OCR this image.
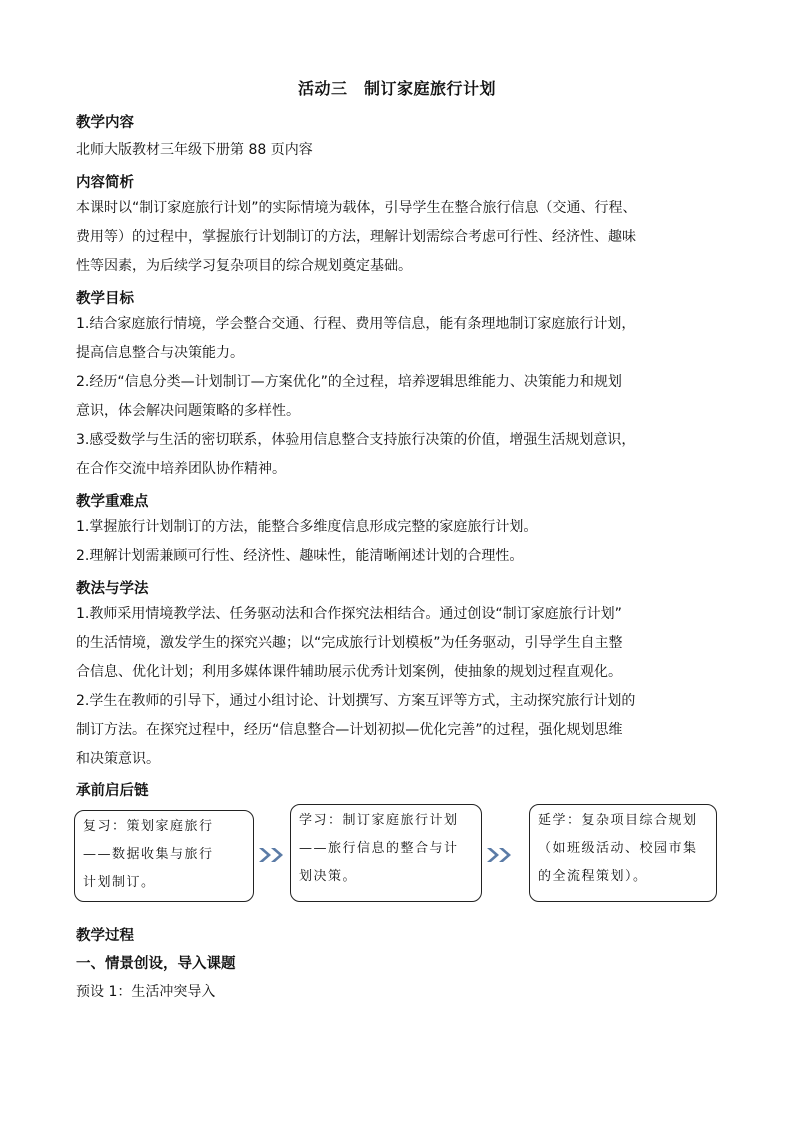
活动三　制订家庭旅行计划
教学内容
北师大版教材三年级下册第 88 页内容
内容简析
本课时以“制订家庭旅行计划”的实际情境为载体，引导学生在整合旅行信息（交通、行程、
费用等）的过程中，掌握旅行计划制订的方法，理解计划需综合考虑可行性、经济性、趣味
性等因素，为后续学习复杂项目的综合规划奠定基础。
教学目标
1.结合家庭旅行情境，学会整合交通、行程、费用等信息，能有条理地制订家庭旅行计划，
提高信息整合与决策能力。
2.经历“信息分类—计划制订—方案优化”的全过程，培养逻辑思维能力、决策能力和规划
意识，体会解决问题策略的多样性。
3.感受数学与生活的密切联系，体验用信息整合支持旅行决策的价值，增强生活规划意识，
在合作交流中培养团队协作精神。
教学重难点
1.掌握旅行计划制订的方法，能整合多维度信息形成完整的家庭旅行计划。
2.理解计划需兼顾可行性、经济性、趣味性，能清晰阐述计划的合理性。
教法与学法
1.教师采用情境教学法、任务驱动法和合作探究法相结合。通过创设“制订家庭旅行计划”
的生活情境，激发学生的探究兴趣；以“完成旅行计划模板”为任务驱动，引导学生自主整
合信息、优化计划；利用多媒体课件辅助展示优秀计划案例，使抽象的规划过程直观化。
2.学生在教师的引导下，通过小组讨论、计划撰写、方案互评等方式，主动探究旅行计划的
制订方法。在探究过程中，经历“信息整合—计划初拟—优化完善”的过程，强化规划思维
和决策意识。
承前启后链
复习：策划家庭旅行
——数据收集与旅行
计划制订。
学习：制订家庭旅行计划
——旅行信息的整合与计
划决策。
延学：复杂项目综合规划
（如班级活动、校园市集
的全流程策划）。
教学过程
一、情景创设，导入课题
预设 1：生活冲突导入
